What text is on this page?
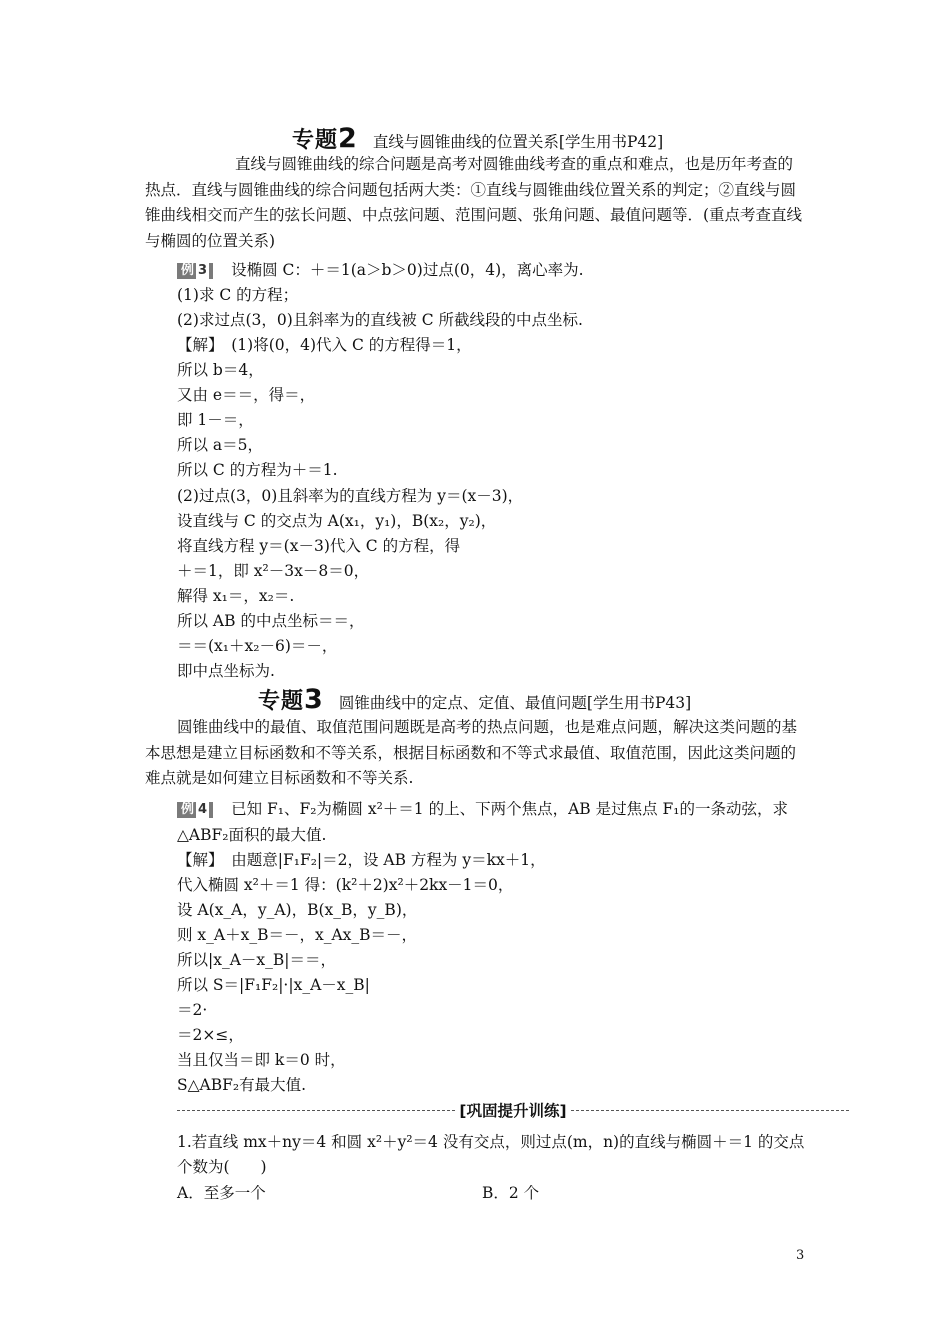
专题2 直线与圆锥曲线的位置关系[学生用书P42]
直线与圆锥曲线的综合问题是高考对圆锥曲线考查的重点和难点，也是历年考查的热点．直线与圆锥曲线的综合问题包括两大类：①直线与圆锥曲线位置关系的判定；②直线与圆锥曲线相交而产生的弦长问题、中点弦问题、范围问题、张角问题、最值问题等．(重点考查直线与椭圆的位置关系)
例 3 设椭圆 C：＋＝1(a＞b＞0)过点(0，4)，离心率为.
(1)求 C 的方程；
(2)求过点(3，0)且斜率为的直线被 C 所截线段的中点坐标.
【解】　(1)将(0，4)代入 C 的方程得＝1，
所以 b＝4，
又由 e＝＝，得＝，
即 1－＝，
所以 a＝5，
所以 C 的方程为＋＝1.
(2)过点(3，0)且斜率为的直线方程为 y＝(x－3)，
设直线与 C 的交点为 A(x₁，y₁)，B(x₂，y₂)，
将直线方程 y＝(x－3)代入 C 的方程，得
＋＝1，即 x²－3x－8＝0，
解得 x₁＝，x₂＝.
所以 AB 的中点坐标＝＝，
＝＝(x₁＋x₂－6)＝－，
即中点坐标为.
专题3 圆锥曲线中的定点、定值、最值问题[学生用书P43]
圆锥曲线中的最值、取值范围问题既是高考的热点问题，也是难点问题，解决这类问题的基本思想是建立目标函数和不等关系，根据目标函数和不等式求最值、取值范围，因此这类问题的难点就是如何建立目标函数和不等关系.
例 4 已知 F₁、F₂为椭圆 x²＋＝1 的上、下两个焦点，AB 是过焦点 F₁的一条动弦，求△ABF₂面积的最大值.
【解】　由题意|F₁F₂|＝2，设 AB 方程为 y＝kx＋1，
代入椭圆 x²＋＝1 得：(k²＋2)x²＋2kx－1＝0，
设 A(x_A，y_A)，B(x_B，y_B)，
则 x_A＋x_B＝－，x_Ax_B＝－，
所以|x_A－x_B|＝＝，
所以 S＝|F₁F₂|·|x_A－x_B|
＝2·
＝2×≤，
当且仅当＝即 k＝0 时，
S△ABF₂有最大值.
[巩固提升训练]
1.若直线 mx＋ny＝4 和圆 x²＋y²＝4 没有交点，则过点(m，n)的直线与椭圆＋＝1 的交点个数为(　　)
A．至多一个	B．2 个
3
